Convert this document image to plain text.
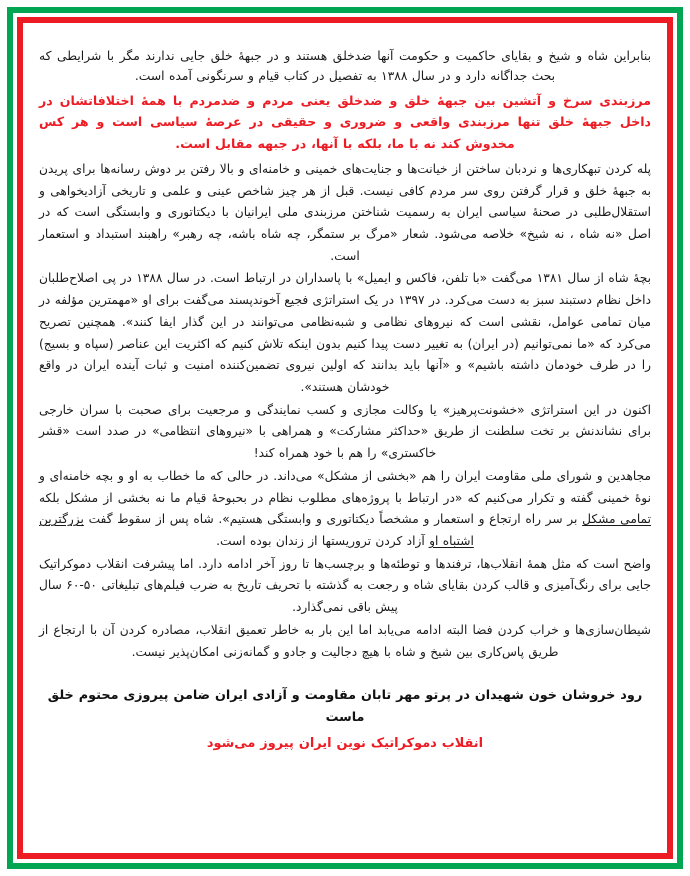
بنابراین شاه و شیخ و بقایای حاکمیت و حکومت آنها ضدخلق هستند و در جبهۀ خلق جایی ندارند مگر با شرایطی که بحث جداگانه دارد و در سال ۱۳۸۸ به تفصیل در کتاب قیام و سرنگونی آمده است.

مرزبندی سرخ و آتشین بین جبهۀ خلق و ضدخلق یعنی مردم و ضدمردم با همۀ اختلافاتشان در داخل جبهۀ خلق تنها مرزبندی واقعی و ضروری و حقیقی در عرصۀ سیاسی است و هر کس مخدوش کند نه با ما، بلکه با آنها، در جبهه مقابل است.

پله کردن تبهکاری‌ها و نردبان ساختن از خیانت‌ها و جنایت‌های خمینی و خامنه‌ای و بالا رفتن بر دوش رسانه‌ها برای پریدن به جبهۀ خلق و قرار گرفتن روی سر مردم کافی نیست. قبل از هر چیز شاخص عینی و علمی و تاریخی آزادیخواهی و استقلال‌طلبی در صحنۀ سیاسی ایران به رسمیت شناختن مرزبندی ملی ایرانیان با دیکتاتوری و وابستگی است که در اصل «نه شاه ، نه شیخ» خلاصه می‌شود. شعار «مرگ بر ستمگر، چه شاه باشه، چه رهبر» راهبند استبداد و استعمار است.

بچۀ شاه از سال ۱۳۸۱ می‌گفت «با تلفن، فاکس و ایمیل» با پاسداران در ارتباط است. در سال ۱۳۸۸ در پی اصلاح‌طلبان داخل نظام دستبند سبز به دست می‌کرد. در ۱۳۹۷ در یک استراتژی فجیع آخوندپسند می‌گفت برای او «مهمترین مؤلفه در میان تمامی عوامل، نقشی است که نیروهای نظامی و شبه‌نظامی می‌توانند در این گذار ایفا کنند». همچنین تصریح می‌کرد که «ما نمی‌توانیم (در ایران) به تغییر دست پیدا کنیم بدون اینکه تلاش کنیم که اکثریت این عناصر (سپاه و بسیج) را در طرف خودمان داشته باشیم» و «آنها باید بدانند که اولین نیروی تضمین‌کننده امنیت و ثبات آینده ایران در واقع خودشان هستند».

اکنون در این استراتژی «خشونت‌پرهیز» یا وکالت مجازی و کسب نمایندگی و مرجعیت برای صحبت با سران خارجی برای نشاندنش بر تخت سلطنت از طریق «حداکثر مشارکت» و همراهی با «نیروهای انتظامی» در صدد است «قشر خاکستری» را هم با خود همراه کند!

مجاهدین و شورای ملی مقاومت ایران را هم «بخشی از مشکل» می‌داند. در حالی که ما خطاب به او و بچه خامنه‌ای و نوۀ خمینی گفته و تکرار می‌کنیم که «در ارتباط با پروژه‌های مطلوب نظام در بحبوحۀ قیام ما نه بخشی از مشکل بلکه تمامی مشکل بر سر راه ارتجاع و استعمار و مشخصاً دیکتاتوری و وابستگی هستیم». شاه پس از سقوط گفت بزرگترین اشتباه او آزاد کردن تروریستها از زندان بوده است.

واضح است که مثل همۀ انقلاب‌ها، ترفندها و توطئه‌ها و برچسب‌ها تا روز آخر ادامه دارد. اما پیشرفت انقلاب دموکراتیک جایی برای رنگ‌آمیزی و قالب کردن بقایای شاه و رجعت به گذشته با تحریف تاریخ به ضرب فیلم‌های تبلیغاتی ۵۰-۶۰ سال پیش باقی نمی‌گذارد.

شیطان‌سازی‌ها و خراب کردن فضا البته ادامه می‌یابد اما این بار به خاطر تعمیق انقلاب، مصادره کردن آن با ارتجاع از طریق پاس‌کاری بین شیخ و شاه با هیچ دجالیت و جادو و گمانه‌زنی امکان‌پذیر نیست.

رود خروشان خون شهیدان در پرتو مهر تابان مقاومت و آزادی ایران ضامن پیروزی محتوم خلق ماست

انقلاب دموکراتیک نوین ایران پیروز می‌شود
